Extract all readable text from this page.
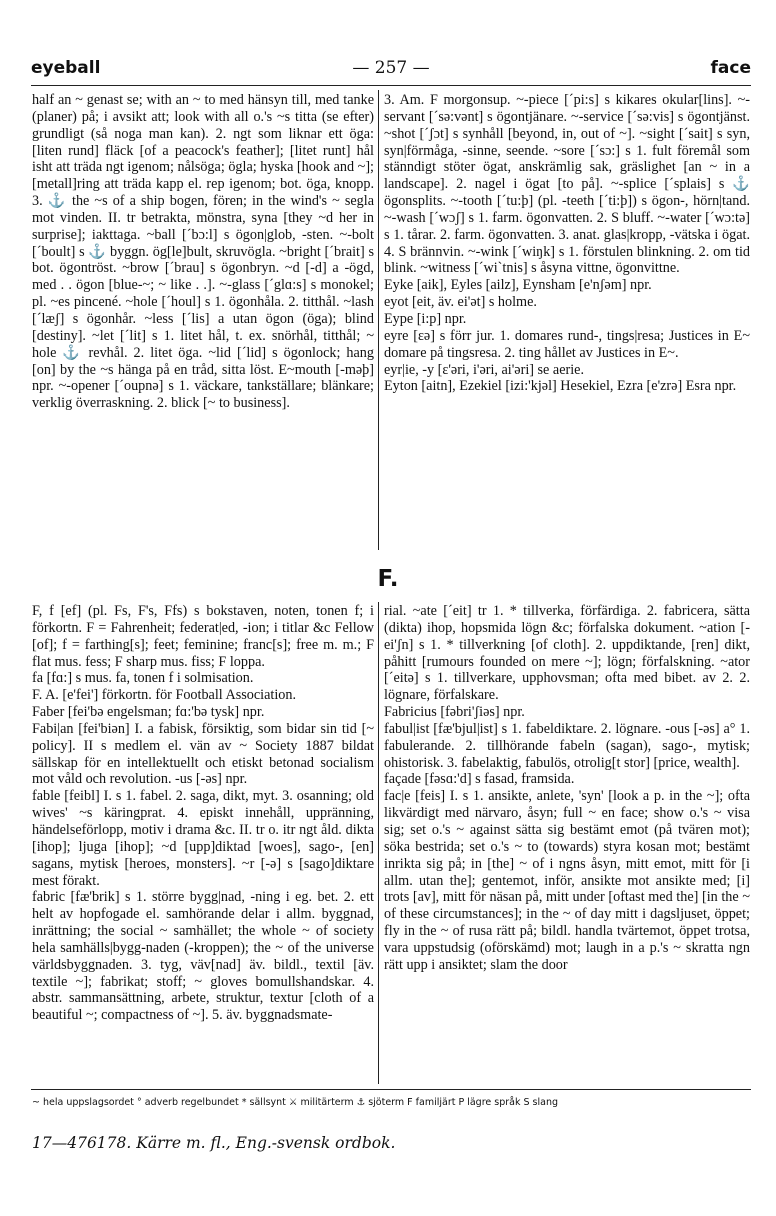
eyeball	— 257 —	face

half an ~ genast se; with an ~ to med hänsyn till, med tanke (planer) på; i avsikt att; look with all o.'s ~s titta (se efter) grundligt (så noga man kan). 2. ngt som liknar ett öga: [liten rund] fläck [of a peacock's feather]; [litet runt] hål isht att träda ngt igenom; nålsöga; ögla; hyska [hook and ~]; [metall]ring att träda kapp el. rep igenom; bot. öga, knopp. 3. ⚓ the ~s of a ship bogen, fören; in the wind's ~ segla mot vinden. II. tr betrakta, mönstra, syna [they ~d her in surprise]; iakttaga. ~ball [´bɔ:l] s ögon|glob, -sten. ~-bolt [´boult] s ⚓ byggn. ög[le]bult, skruvögla. ~bright [´brait] s bot. ögontröst. ~brow [´brau] s ögonbryn. ~d [-d] a -ögd, med . . ögon [blue-~; ~ like . .]. ~-glass [´glɑ:s] s monokel; pl. ~es pincené. ~hole [´houl] s 1. ögonhåla. 2. titthål. ~lash [´læʃ] s ögonhår. ~less [´lis] a utan ögon (öga); blind [destiny]. ~let [´lit] s 1. litet hål, t. ex. snörhål, titthål; ~ hole ⚓ revhål. 2. litet öga. ~lid [´lid] s ögonlock; hang [on] by the ~s hänga på en tråd, sitta löst. E~mouth [-məþ] npr. ~-opener [´oupnə] s 1. väckare, tankställare; blänkare; verklig överraskning. 2. blick [~ to business].

3. Am. F morgonsup. ~-piece [´pi:s] s kikares okular[lins]. ~-servant [´sə:vənt] s ögontjänare. ~-service [´sə:vis] s ögontjänst. ~shot [´ʃɔt] s synhåll [beyond, in, out of ~]. ~sight [´sait] s syn, syn|förmåga, -sinne, seende. ~sore [´sɔ:] s 1. fult föremål som stänndigt stöter ögat, anskrämlig sak, gräslighet [an ~ in a landscape]. 2. nagel i ögat [to på]. ~-splice [´splais] s ⚓ ögonsplits. ~-tooth [´tu:þ] (pl. -teeth [´ti:þ]) s ögon-, hörn|tand. ~-wash [´wɔʃ] s 1. farm. ögonvatten. 2. S bluff. ~-water [´wɔ:tə] s 1. tårar. 2. farm. ögonvatten. 3. anat. glas|kropp, -vätska i ögat. 4. S brännvin. ~-wink [´wiŋk] s 1. förstulen blinkning. 2. om tid blink. ~witness [´wi`tnis] s åsyna vittne, ögonvittne.

Eyke [aik], Eyles [ailz], Eynsham [e'nʃəm] npr.

eyot [eit, äv. ei'ət] s holme.

Eype [i:p] npr.

eyre [ɛə] s förr jur. 1. domares rund-, tings|resa; Justices in E~ domare på tingsresa. 2. ting hållet av Justices in E~.

eyr|ie, -y [ɛ'əri, i'əri, ai'əri] se aerie.

Eyton [aitn], Ezekiel [izi:'kjəl] Hesekiel, Ezra [e'zrə] Esra npr.

F.

F, f [ef] (pl. Fs, F's, Ffs) s bokstaven, noten, tonen f; i förkortn. F = Fahrenheit; federat|ed, -ion; i titlar &c Fellow [of]; f = farthing[s]; feet; feminine; franc[s]; free m. m.; F flat mus. fess; F sharp mus. fiss; F loppa.

fa [fɑ:] s mus. fa, tonen f i solmisation.

F. A. [e'fei'] förkortn. för Football Association.

Faber [fei'bə engelsman; fɑ:'bə tysk] npr.

Fabi|an [fei'biən] I. a fabisk, försiktig, som bidar sin tid [~ policy]. II s medlem el. vän av ~ Society 1887 bildat sällskap för en intellektuellt och etiskt betonad socialism mot våld och revolution. -us [-əs] npr.

fable [feibl] I. s 1. fabel. 2. saga, dikt, myt. 3. osanning; old wives' ~s käringprat. 4. episkt innehåll, uppränning, händelseförlopp, motiv i drama &c. II. tr o. itr ngt åld. dikta [ihop]; ljuga [ihop]; ~d [upp]diktad [woes], sago-, [en] sagans, mytisk [heroes, monsters]. ~r [-ə] s [sago]diktare mest förakt.

fabric [fæ'brik] s 1. större bygg|nad, -ning i eg. bet. 2. ett helt av hopfogade el. samhörande delar i allm. byggnad, inrättning; the social ~ samhället; the whole ~ of society hela samhälls|bygg-naden (-kroppen); the ~ of the universe världsbyggnaden. 3. tyg, väv[nad] äv. bildl., textil [äv. textile ~]; fabrikat; stoff; ~ gloves bomullshandskar. 4. abstr. sammansättning, arbete, struktur, textur [cloth of a beautiful ~; compactness of ~]. 5. äv. byggnadsmate-

rial. ~ate [´eit] tr 1. * tillverka, förfärdiga. 2. fabricera, sätta (dikta) ihop, hopsmida lögn &c; förfalska dokument. ~ation [-ei'ʃn] s 1. * tillverkning [of cloth]. 2. uppdiktande, [ren] dikt, påhitt [rumours founded on mere ~]; lögn; förfalskning. ~ator [´eitə] s 1. tillverkare, upphovsman; ofta med bibet. av 2. 2. lögnare, förfalskare.

Fabricius [fəbri'ʃiəs] npr.

fabul|ist [fæ'bjul|ist] s 1. fabeldiktare. 2. lögnare. -ous [-əs] a° 1. fabulerande. 2. tillhörande fabeln (sagan), sago-, mytisk; ohistorisk. 3. fabelaktig, fabulös, otrolig[t stor] [price, wealth].

façade [fəsɑ:'d] s fasad, framsida.

fac|e [feis] I. s 1. ansikte, anlete, 'syn' [look a p. in the ~]; ofta likvärdigt med närvaro, åsyn; full ~ en face; show o.'s ~ visa sig; set o.'s ~ against sätta sig bestämt emot (på tvären mot); söka bestrida; set o.'s ~ to (towards) styra kosan mot; bestämt inrikta sig på; in [the] ~ of i ngns åsyn, mitt emot, mitt för [i allm. utan the]; gentemot, inför, ansikte mot ansikte med; [i] trots [av], mitt för näsan på, mitt under [oftast med the] [in the ~ of these circumstances]; in the ~ of day mitt i dagsljuset, öppet; fly in the ~ of rusa rätt på; bildl. handla tvärtemot, öppet trotsa, vara uppstudsig (oförskämd) mot; laugh in a p.'s ~ skratta ngn rätt upp i ansiktet; slam the door

~ hela uppslagsordet ° adverb regelbundet * sällsynt ⚔ militärterm ⚓ sjöterm F familjärt P lägre språk S slang
17—476178. Kärre m. fl., Eng.-svensk ordbok.
